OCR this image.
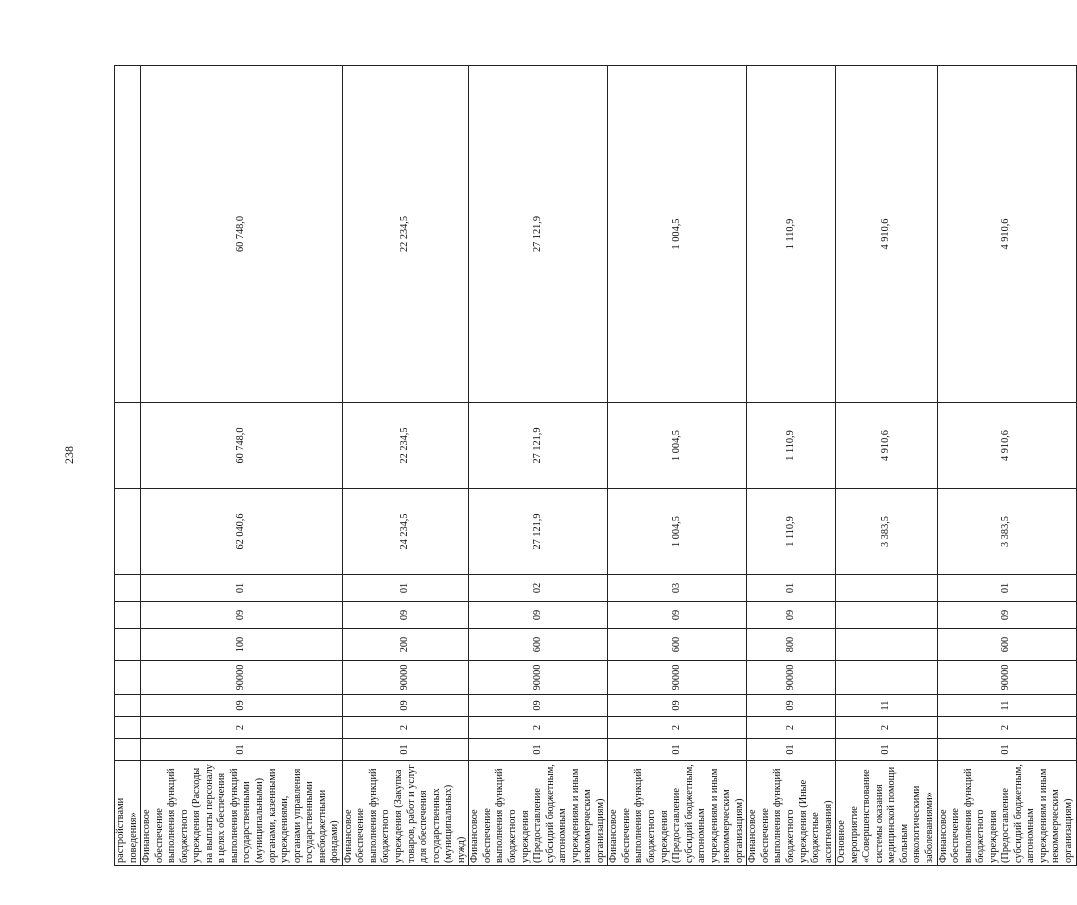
238
растройствами поведения»										
Финансовое обеспечение выполнения функций бюджетного учреждения (Расходы на выплаты персоналу в целях обеспечения выполнения функций государственными (муниципальными) органами, казенными учреждениями, органами управления государственными внебюджетными фондами)	01	2	09	90000	100	09	01	62 040,6	60 748,0	60 748,0
Финансовое обеспечение выполнения функций бюджетного учреждения (Закупка товаров, работ и услуг для обеспечения государственных (муниципальных) нужд)	01	2	09	90000	200	09	01	24 234,5	22 234,5	22 234,5
Финансовое обеспечение выполнения функций бюджетного учреждения (Предоставление субсидий бюджетным, автономным учреждениям и иным некоммерческим организациям)	01	2	09	90000	600	09	02	27 121,9	27 121,9	27 121,9
Финансовое обеспечение выполнения функций бюджетного учреждения (Предоставление субсидий бюджетным, автономным учреждениям и иным некоммерческим организациям)	01	2	09	90000	600	09	03	1 004,5	1 004,5	1 004,5
Финансовое обеспечение выполнения функций бюджетного учреждения (Иные бюджетные ассигнования)	01	2	09	90000	800	09	01	1 110,9	1 110,9	1 110,9
Основное мероприятие «Совершенствование системы оказания медицинской помощи больным онкологическими заболеваниями»	01	2	11					3 383,5	4 910,6	4 910,6
Финансовое обеспечение выполнения функций бюджетного учреждения (Предоставление субсидий бюджетным, автономным учреждениям и иным некоммерческим организациям)	01	2	11	90000	600	09	01	3 383,5	4 910,6	4 910,6
